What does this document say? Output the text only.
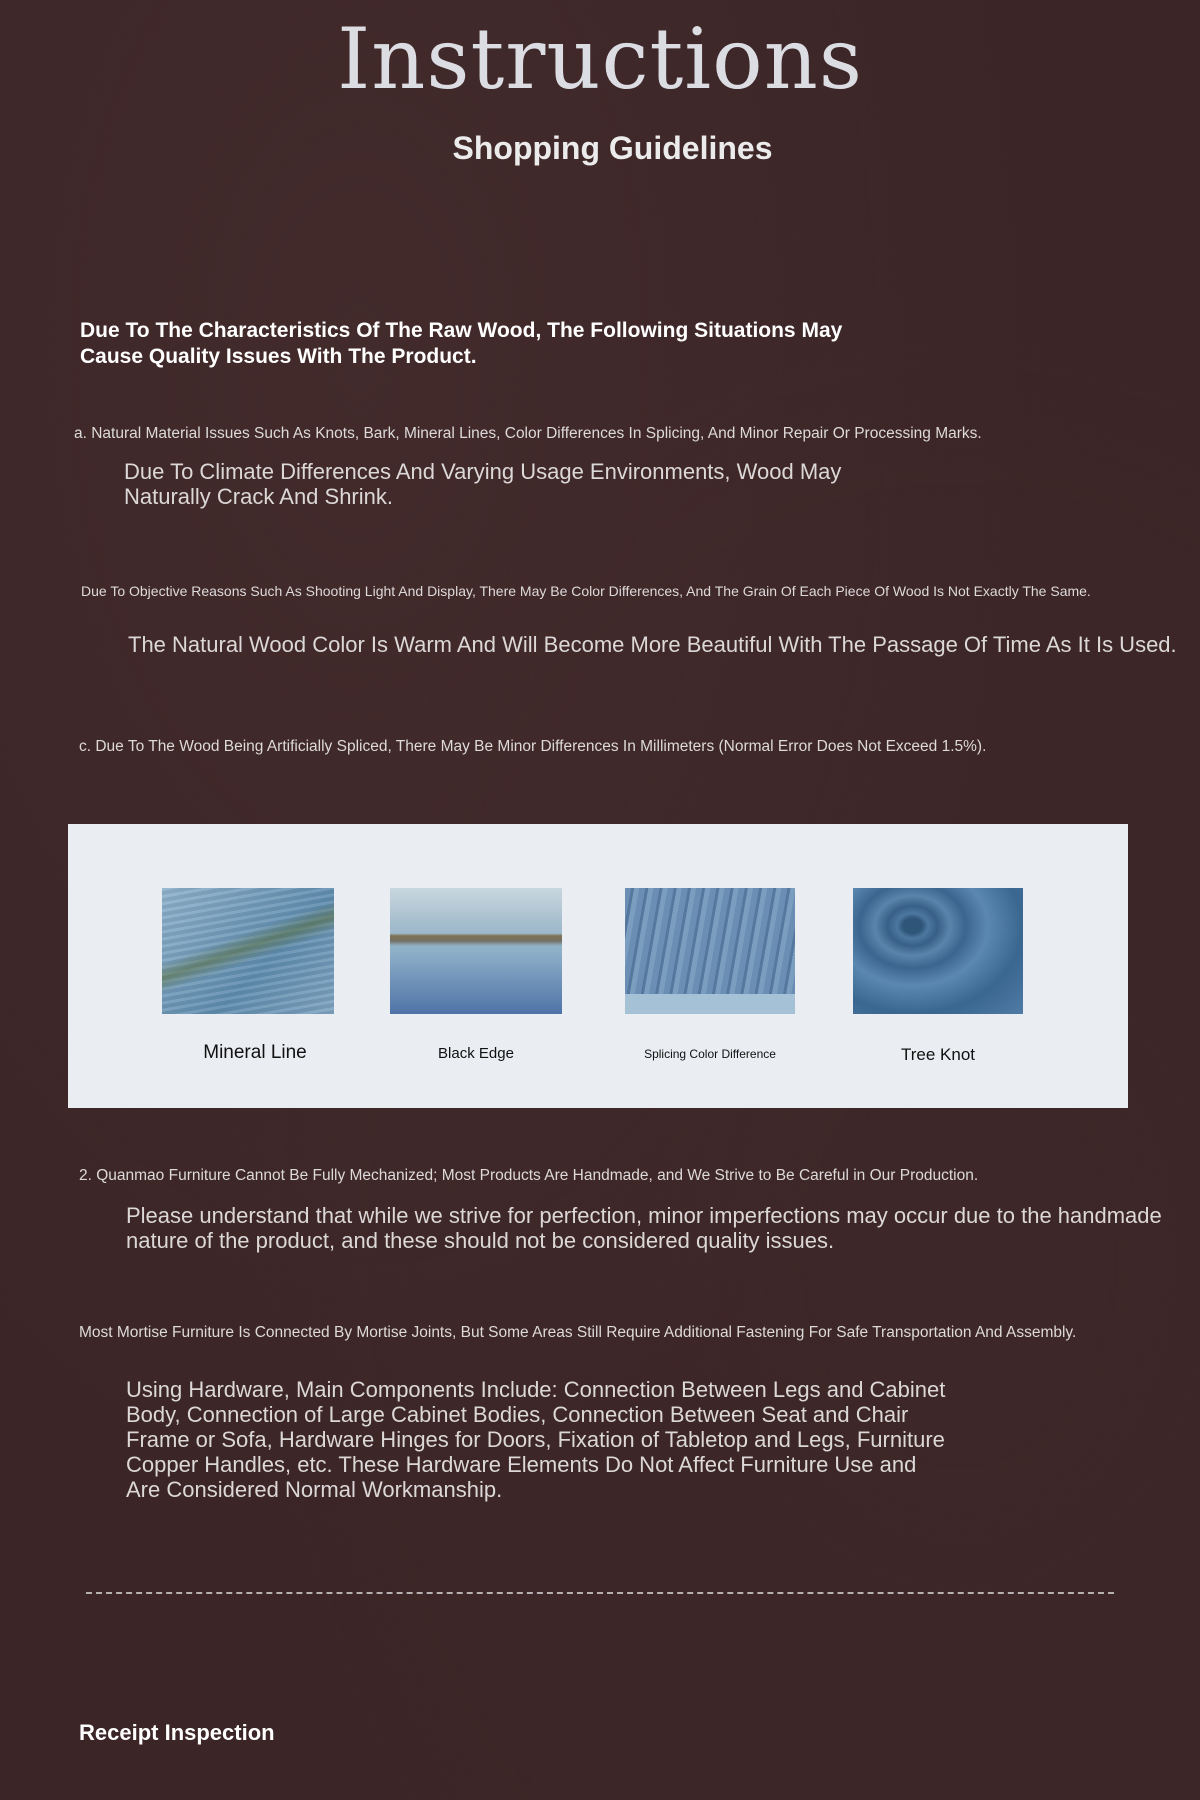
Instructions
Shopping Guidelines

Due To The Characteristics Of The Raw Wood, The Following Situations May Cause Quality Issues With The Product.

a. Natural Material Issues Such As Knots, Bark, Mineral Lines, Color Differences In Splicing, And Minor Repair Or Processing Marks.

Due To Climate Differences And Varying Usage Environments, Wood May Naturally Crack And Shrink.

Due To Objective Reasons Such As Shooting Light And Display, There May Be Color Differences, And The Grain Of Each Piece Of Wood Is Not Exactly The Same.

The Natural Wood Color Is Warm And Will Become More Beautiful With The Passage Of Time As It Is Used.

c. Due To The Wood Being Artificially Spliced, There May Be Minor Differences In Millimeters (Normal Error Does Not Exceed 1.5%).

Mineral Line	Black Edge	Splicing Color Difference	Tree Knot

2. Quanmao Furniture Cannot Be Fully Mechanized; Most Products Are Handmade, and We Strive to Be Careful in Our Production.

Please understand that while we strive for perfection, minor imperfections may occur due to the handmade nature of the product, and these should not be considered quality issues.

Most Mortise Furniture Is Connected By Mortise Joints, But Some Areas Still Require Additional Fastening For Safe Transportation And Assembly.

Using Hardware, Main Components Include: Connection Between Legs and Cabinet Body, Connection of Large Cabinet Bodies, Connection Between Seat and Chair Frame or Sofa, Hardware Hinges for Doors, Fixation of Tabletop and Legs, Furniture Copper Handles, etc. These Hardware Elements Do Not Affect Furniture Use and Are Considered Normal Workmanship.

Receipt Inspection
